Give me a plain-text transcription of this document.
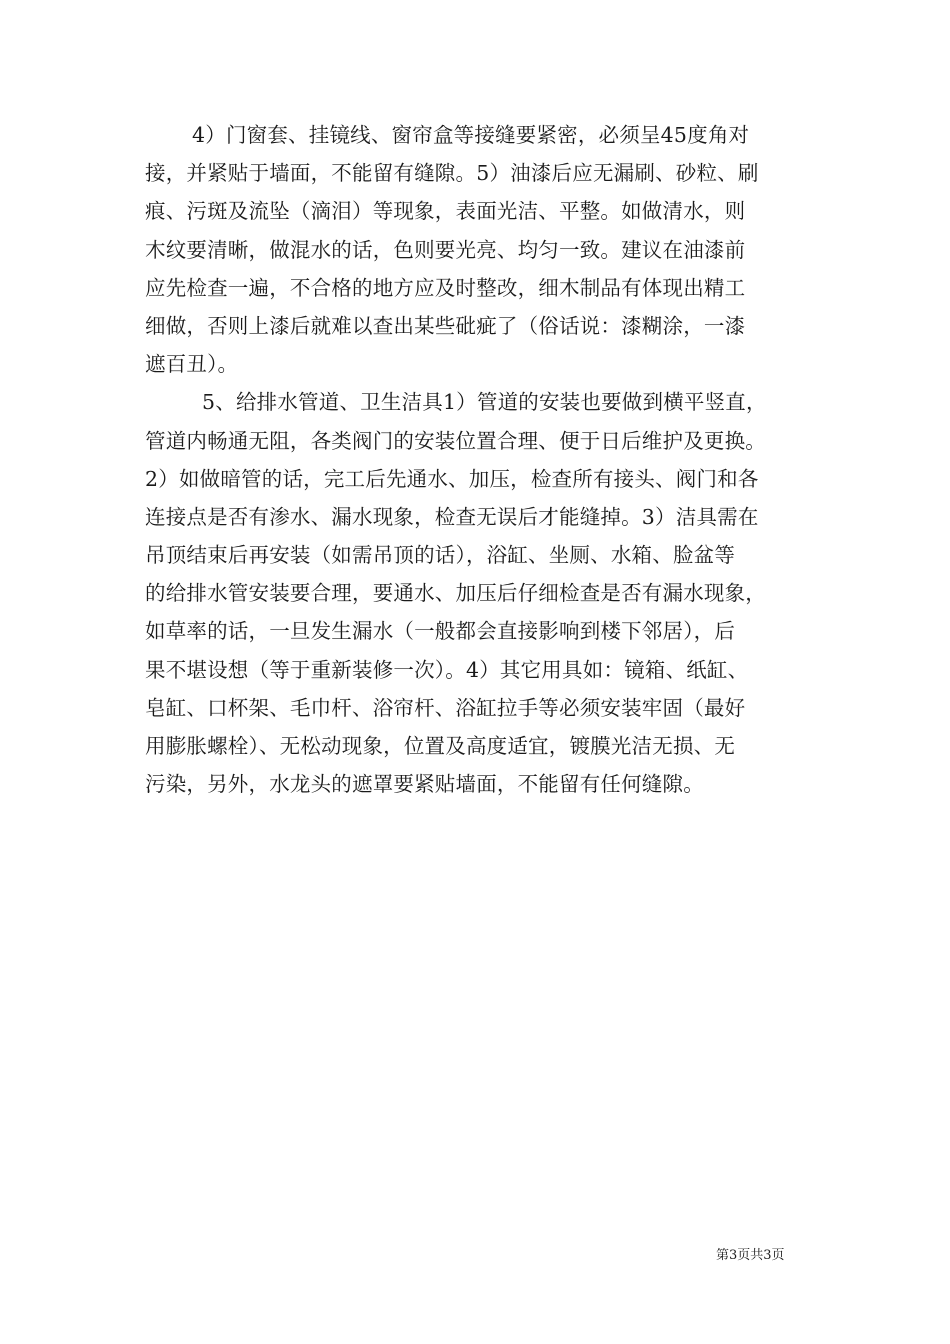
4）门窗套、挂镜线、窗帘盒等接缝要紧密，必须呈45度角对
接，并紧贴于墙面，不能留有缝隙。5）油漆后应无漏刷、砂粒、刷
痕、污斑及流坠（滴泪）等现象，表面光洁、平整。如做清水，则
木纹要清晰，做混水的话，色则要光亮、均匀一致。建议在油漆前
应先检查一遍，不合格的地方应及时整改，细木制品有体现出精工
细做，否则上漆后就难以查出某些砒疵了（俗话说：漆糊涂，一漆
遮百丑）。
5、给排水管道、卫生洁具1）管道的安装也要做到横平竖直，
管道内畅通无阻，各类阀门的安装位置合理、便于日后维护及更换。
2）如做暗管的话，完工后先通水、加压，检查所有接头、阀门和各
连接点是否有渗水、漏水现象，检查无误后才能缝掉。3）洁具需在
吊顶结束后再安装（如需吊顶的话），浴缸、坐厕、水箱、脸盆等
的给排水管安装要合理，要通水、加压后仔细检查是否有漏水现象，
如草率的话，一旦发生漏水（一般都会直接影响到楼下邻居），后
果不堪设想（等于重新装修一次）。4）其它用具如：镜箱、纸缸、
皂缸、口杯架、毛巾杆、浴帘杆、浴缸拉手等必须安装牢固（最好
用膨胀螺栓）、无松动现象，位置及高度适宜，镀膜光洁无损、无
污染，另外，水龙头的遮罩要紧贴墙面，不能留有任何缝隙。
第3页共3页
